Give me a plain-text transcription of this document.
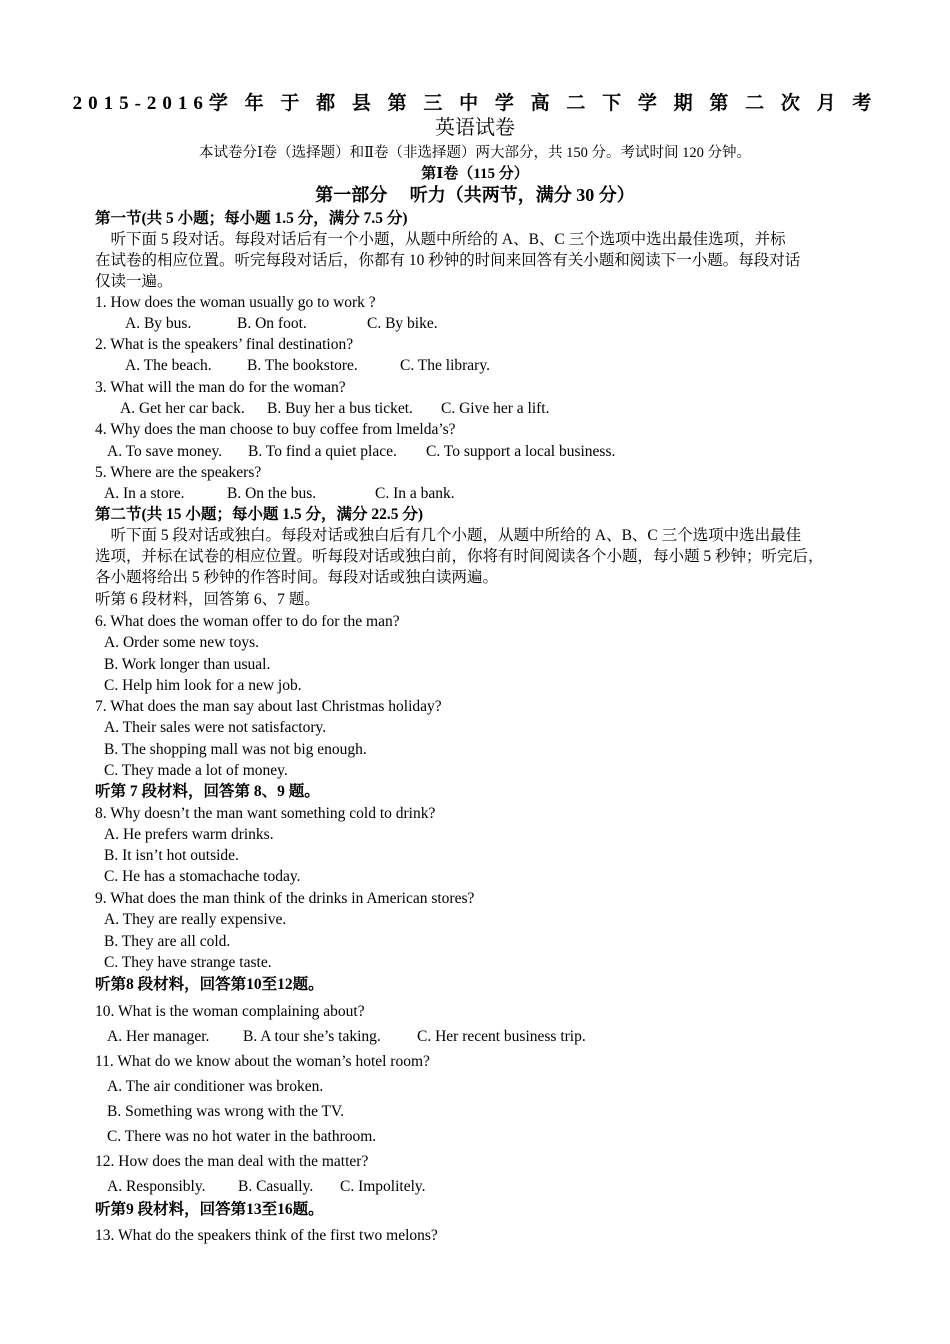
2015-2016学 年 于 都 县 第 三 中 学 高 二 下 学 期 第 二 次 月 考
英语试卷
本试卷分Ⅰ卷（选择题）和Ⅱ卷（非选择题）两大部分，共 150 分。考试时间 120 分钟。
第Ⅰ卷（115 分）
第一部分　 听力（共两节，满分 30 分）
第一节(共 5 小题；每小题 1.5 分，满分 7.5 分)
　听下面 5 段对话。每段对话后有一个小题，从题中所给的 A、B、C 三个选项中选出最佳选项，并标
在试卷的相应位置。听完每段对话后，你都有 10 秒钟的时间来回答有关小题和阅读下一小题。每段对话
仅读一遍。
1. How does the woman usually go to work ?
A. By bus.	B. On foot.	C. By bike.
2. What is the speakers’ final destination?
A. The beach. B. The bookstore.	C. The library.
3. What will the man do for the woman?
A. Get her car back. B. Buy her a bus ticket. C. Give her a lift.
4. Why does the man choose to buy coffee from lmelda’s?
A. To save money. B. To find a quiet place. C. To support a local business.
5. Where are the speakers?
A. In a store.	B. On the bus.	C. In a bank.
第二节(共 15 小题；每小题 1.5 分，满分 22.5 分)
　听下面 5 段对话或独白。每段对话或独白后有几个小题，从题中所给的 A、B、C 三个选项中选出最佳
选项，并标在试卷的相应位置。听每段对话或独白前，你将有时间阅读各个小题，每小题 5 秒钟；听完后，
各小题将给出 5 秒钟的作答时间。每段对话或独白读两遍。
听第 6 段材料，回答第 6、7 题。
6. What does the woman offer to do for the man?
A. Order some new toys.
B. Work longer than usual.
C. Help him look for a new job.
7. What does the man say about last Christmas holiday?
A. Their sales were not satisfactory.
B. The shopping mall was not big enough.
C. They made a lot of money.
听第 7 段材料，回答第 8、9 题。
8. Why doesn’t the man want something cold to drink?
A. He prefers warm drinks.
B. It isn’t hot outside.
C. He has a stomachache today.
9. What does the man think of the drinks in American stores?
A. They are really expensive.
B. They are all cold.
C. They have strange taste.
听第8 段材料，回答第10至12题。
10. What is the woman complaining about?
A. Her manager. B. A tour she’s taking. C. Her recent business trip.
11. What do we know about the woman’s hotel room?
A. The air conditioner was broken.
B. Something was wrong with the TV.
C. There was no hot water in the bathroom.
12. How does the man deal with the matter?
A. Responsibly. B. Casually. C. Impolitely.
听第9 段材料，回答第13至16题。
13. What do the speakers think of the first two melons?
